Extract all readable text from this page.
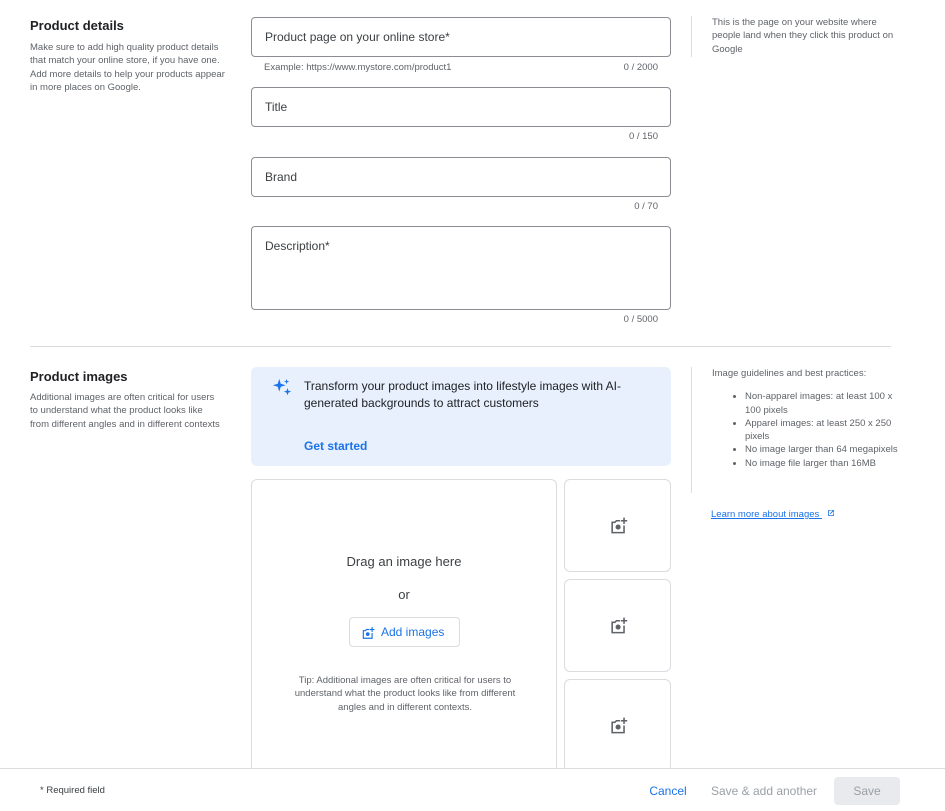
Product details
Make sure to add high quality product details that match your online store, if you have one. Add more details to help your products appear in more places on Google.
Product page on your online store*
Example: https://www.mystore.com/product1	0 / 2000
Title
0 / 150
Brand
0 / 70
Description*
0 / 5000
This is the page on your website where people land when they click this product on Google
Product images
Additional images are often critical for users to understand what the product looks like from different angles and in different contexts
Transform your product images into lifestyle images with AI-generated backgrounds to attract customers
Get started
Drag an image here
or
Add images
Tip: Additional images are often critical for users to understand what the product looks like from different angles and in different contexts.
Image guidelines and best practices:
• Non-apparel images: at least 100 x 100 pixels
• Apparel images: at least 250 x 250 pixels
• No image larger than 64 megapixels
• No image file larger than 16MB
Learn more about images
* Required field	Cancel	Save & add another	Save
